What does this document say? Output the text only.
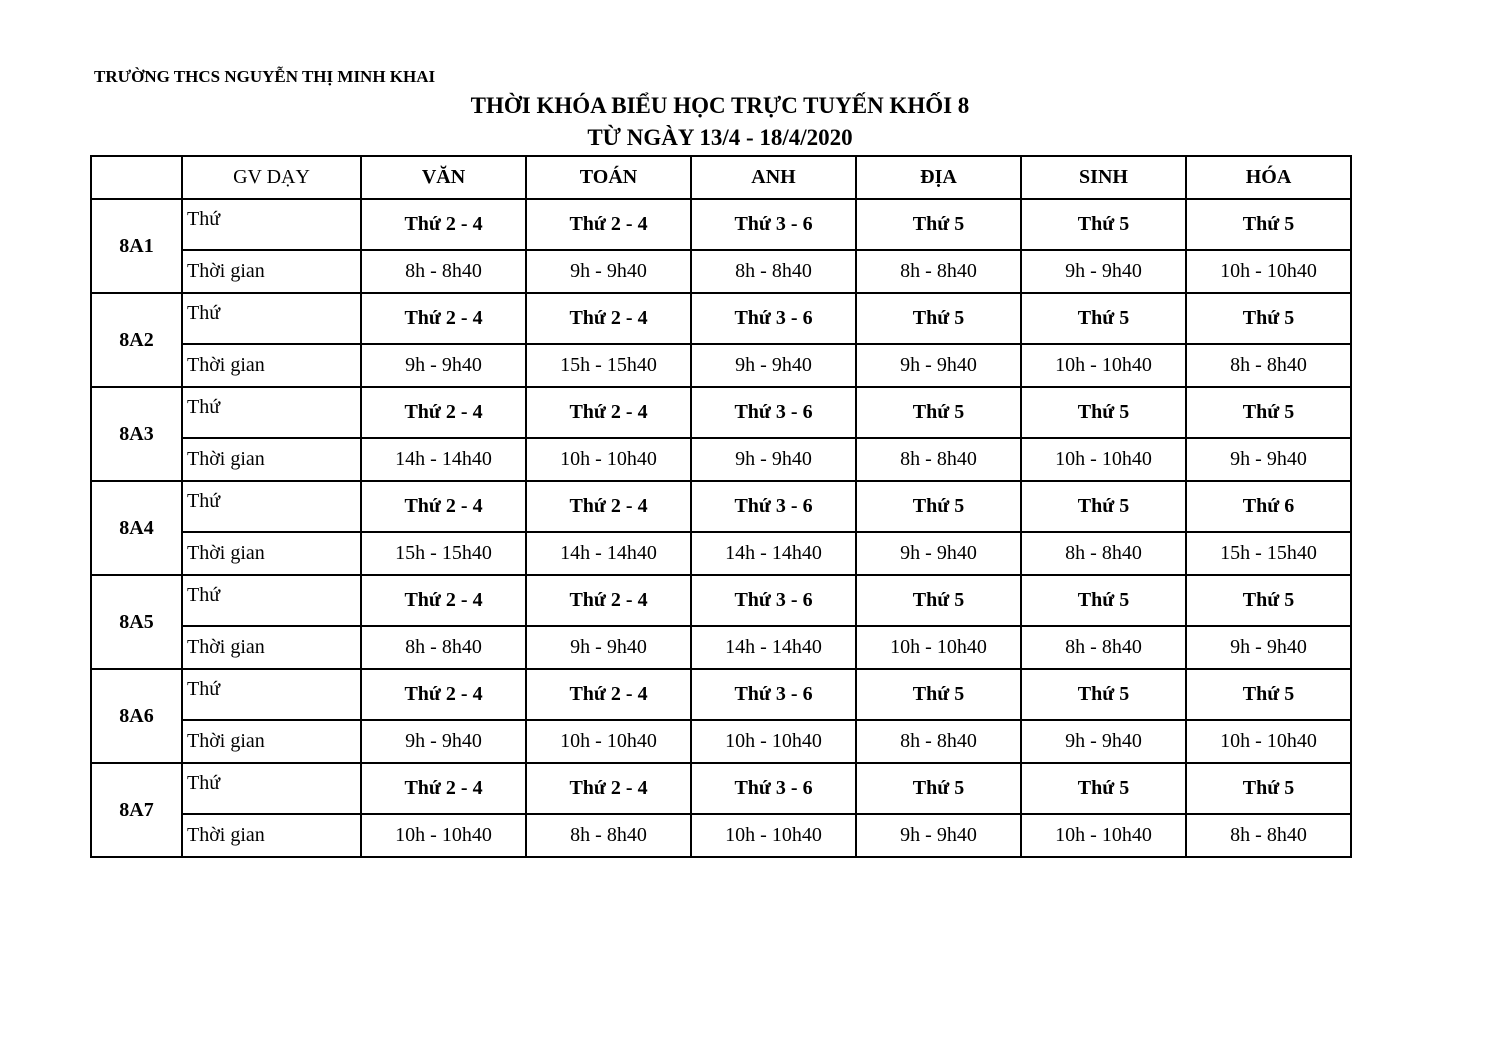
TRƯỜNG THCS NGUYỄN THỊ MINH KHAI
THỜI KHÓA BIỂU HỌC TRỰC TUYẾN KHỐI 8
TỪ NGÀY 13/4 - 18/4/2020
	GV DẠY	VĂN	TOÁN	ANH	ĐỊA	SINH	HÓA
8A1	Thứ	Thứ 2 - 4	Thứ 2 - 4	Thứ 3 - 6	Thứ 5	Thứ 5	Thứ 5
	Thời gian	8h - 8h40	9h - 9h40	8h - 8h40	8h - 8h40	9h - 9h40	10h - 10h40
8A2	Thứ	Thứ 2 - 4	Thứ 2 - 4	Thứ 3 - 6	Thứ 5	Thứ 5	Thứ 5
	Thời gian	9h - 9h40	15h - 15h40	9h - 9h40	9h - 9h40	10h - 10h40	8h - 8h40
8A3	Thứ	Thứ 2 - 4	Thứ 2 - 4	Thứ 3 - 6	Thứ 5	Thứ 5	Thứ 5
	Thời gian	14h - 14h40	10h - 10h40	9h - 9h40	8h - 8h40	10h - 10h40	9h - 9h40
8A4	Thứ	Thứ 2 - 4	Thứ 2 - 4	Thứ 3 - 6	Thứ 5	Thứ 5	Thứ 6
	Thời gian	15h - 15h40	14h - 14h40	14h - 14h40	9h - 9h40	8h - 8h40	15h - 15h40
8A5	Thứ	Thứ 2 - 4	Thứ 2 - 4	Thứ 3 - 6	Thứ 5	Thứ 5	Thứ 5
	Thời gian	8h - 8h40	9h - 9h40	14h - 14h40	10h - 10h40	8h - 8h40	9h - 9h40
8A6	Thứ	Thứ 2 - 4	Thứ 2 - 4	Thứ 3 - 6	Thứ 5	Thứ 5	Thứ 5
	Thời gian	9h - 9h40	10h - 10h40	10h - 10h40	8h - 8h40	9h - 9h40	10h - 10h40
8A7	Thứ	Thứ 2 - 4	Thứ 2 - 4	Thứ 3 - 6	Thứ 5	Thứ 5	Thứ 5
	Thời gian	10h - 10h40	8h - 8h40	10h - 10h40	9h - 9h40	10h - 10h40	8h - 8h40
